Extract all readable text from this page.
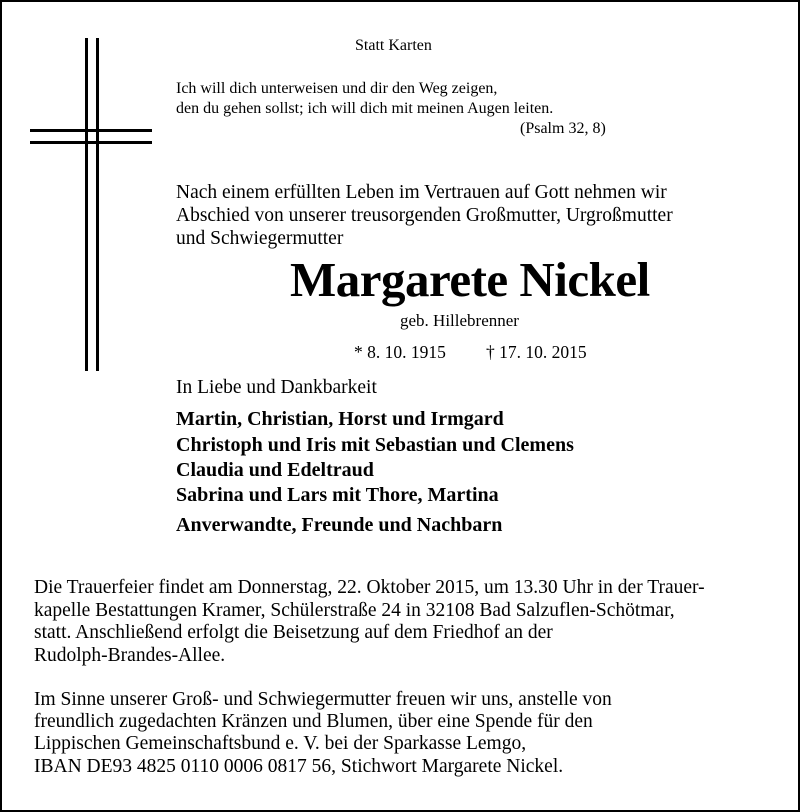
Statt Karten

Ich will dich unterweisen und dir den Weg zeigen,

den du gehen sollst; ich will dich mit meinen Augen leiten.

(Psalm 32, 8)

Nach einem erfüllten Leben im Vertrauen auf Gott nehmen wir

Abschied von unserer treusorgenden Großmutter, Urgroßmutter

und Schwiegermutter

Margarete Nickel

geb. Hillebrenner

* 8. 10. 1915 † 17. 10. 2015

In Liebe und Dankbarkeit

Martin, Christian, Horst und Irmgard

Christoph und Iris mit Sebastian und Clemens

Claudia und Edeltraud

Sabrina und Lars mit Thore, Martina

Anverwandte, Freunde und Nachbarn

Die Trauerfeier findet am Donnerstag, 22. Oktober 2015, um 13.30 Uhr in der Trauer-

kapelle Bestattungen Kramer, Schülerstraße 24 in 32108 Bad Salzuflen-Schötmar,

statt. Anschließend erfolgt die Beisetzung auf dem Friedhof an der

Rudolph-Brandes-Allee.

Im Sinne unserer Groß- und Schwiegermutter freuen wir uns, anstelle von

freundlich zugedachten Kränzen und Blumen, über eine Spende für den

Lippischen Gemeinschaftsbund e. V. bei der Sparkasse Lemgo,

IBAN DE93 4825 0110 0006 0817 56, Stichwort Margarete Nickel.
